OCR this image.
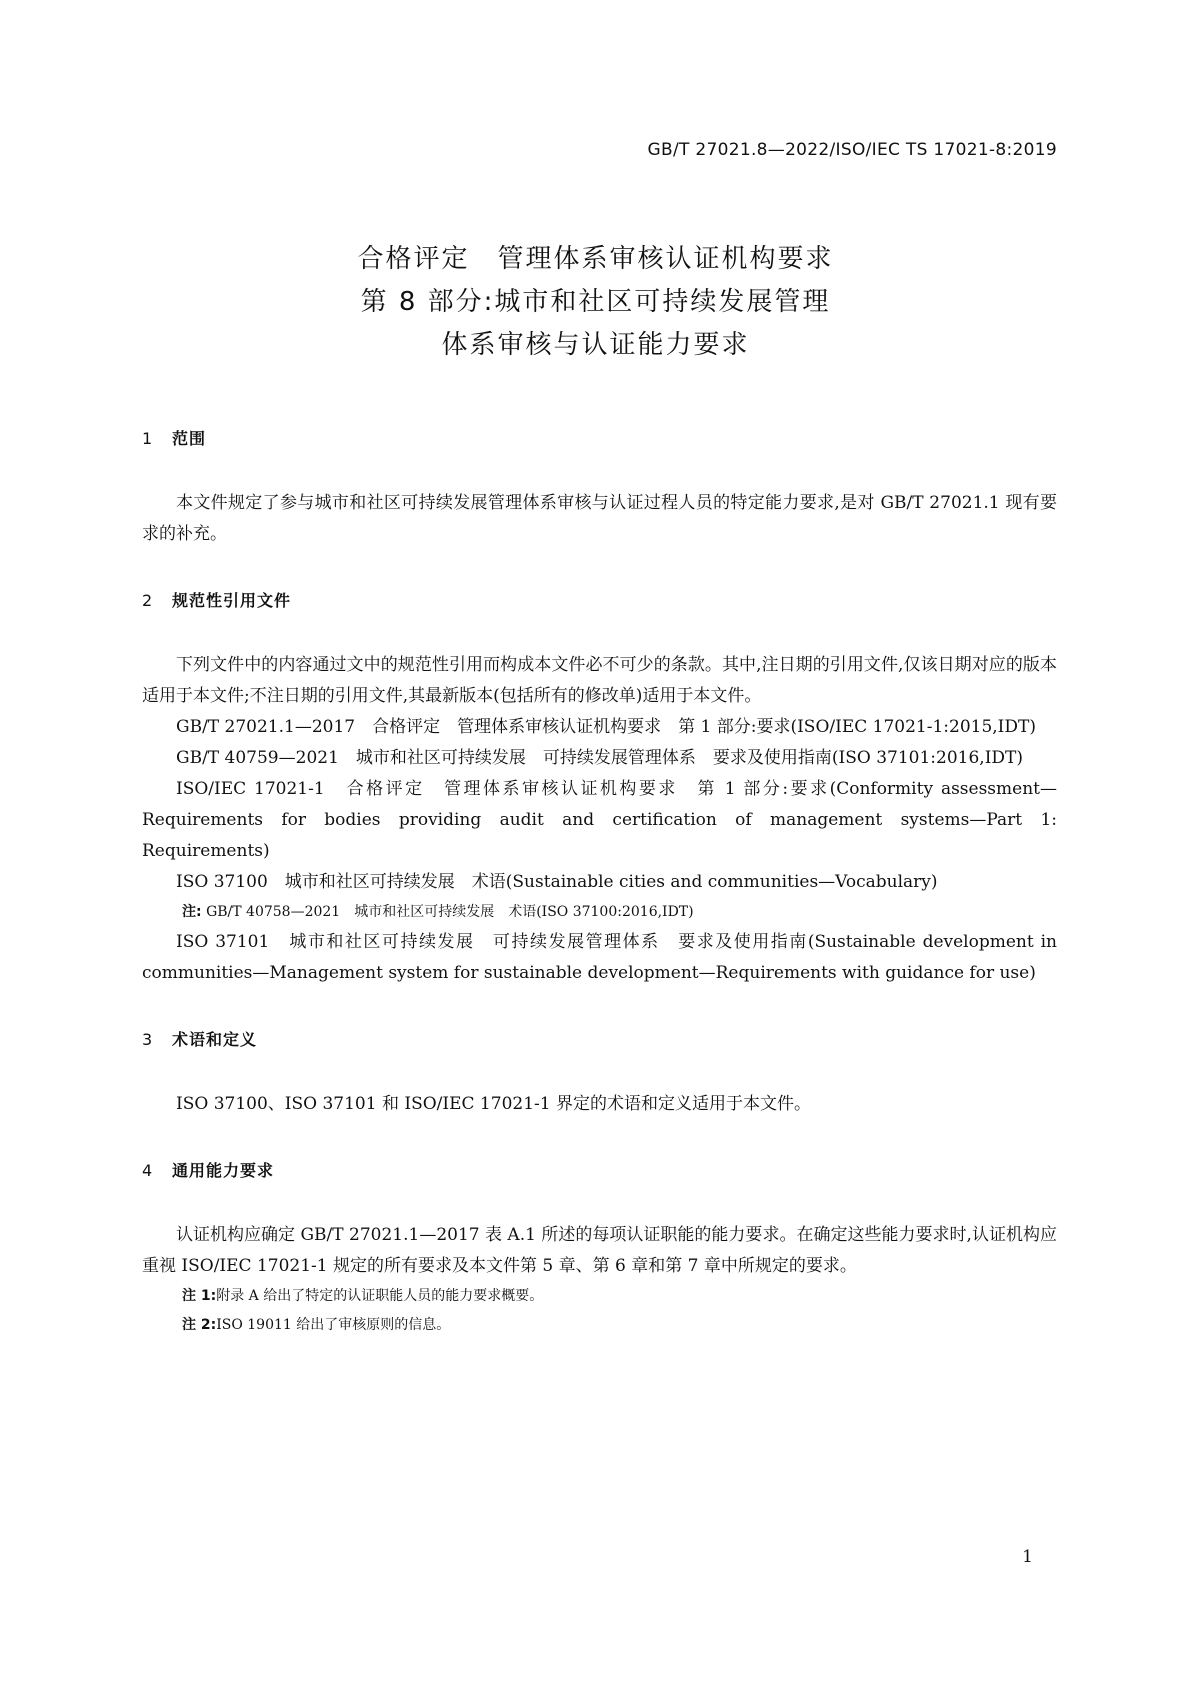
GB/T 27021.8—2022/ISO/IEC TS 17021-8:2019
合格评定　管理体系审核认证机构要求
第 8 部分:城市和社区可持续发展管理
体系审核与认证能力要求
1 范围

本文件规定了参与城市和社区可持续发展管理体系审核与认证过程人员的特定能力要求,是对 GB/T 27021.1 现有要求的补充。

2 规范性引用文件

下列文件中的内容通过文中的规范性引用而构成本文件必不可少的条款。其中,注日期的引用文件,仅该日期对应的版本适用于本文件;不注日期的引用文件,其最新版本(包括所有的修改单)适用于本文件。

GB/T 27021.1—2017　合格评定　管理体系审核认证机构要求　第 1 部分:要求(ISO/IEC 17021-1:2015,IDT)
GB/T 40759—2021　城市和社区可持续发展　可持续发展管理体系　要求及使用指南(ISO 37101:2016,IDT)
ISO/IEC 17021-1　合格评定　管理体系审核认证机构要求　第 1 部分:要求(Conformity assessment—Requirements for bodies providing audit and certification of management systems—Part 1: Requirements)
ISO 37100　城市和社区可持续发展　术语(Sustainable cities and communities—Vocabulary)
注: GB/T 40758—2021　城市和社区可持续发展　术语(ISO 37100:2016,IDT)
ISO 37101　城市和社区可持续发展　可持续发展管理体系　要求及使用指南(Sustainable development in communities—Management system for sustainable development—Requirements with guidance for use)
3 术语和定义

ISO 37100、ISO 37101 和 ISO/IEC 17021-1 界定的术语和定义适用于本文件。

4 通用能力要求

认证机构应确定 GB/T 27021.1—2017 表 A.1 所述的每项认证职能的能力要求。在确定这些能力要求时,认证机构应重视 ISO/IEC 17021-1 规定的所有要求及本文件第 5 章、第 6 章和第 7 章中所规定的要求。

注 1:附录 A 给出了特定的认证职能人员的能力要求概要。
注 2:ISO 19011 给出了审核原则的信息。
1
